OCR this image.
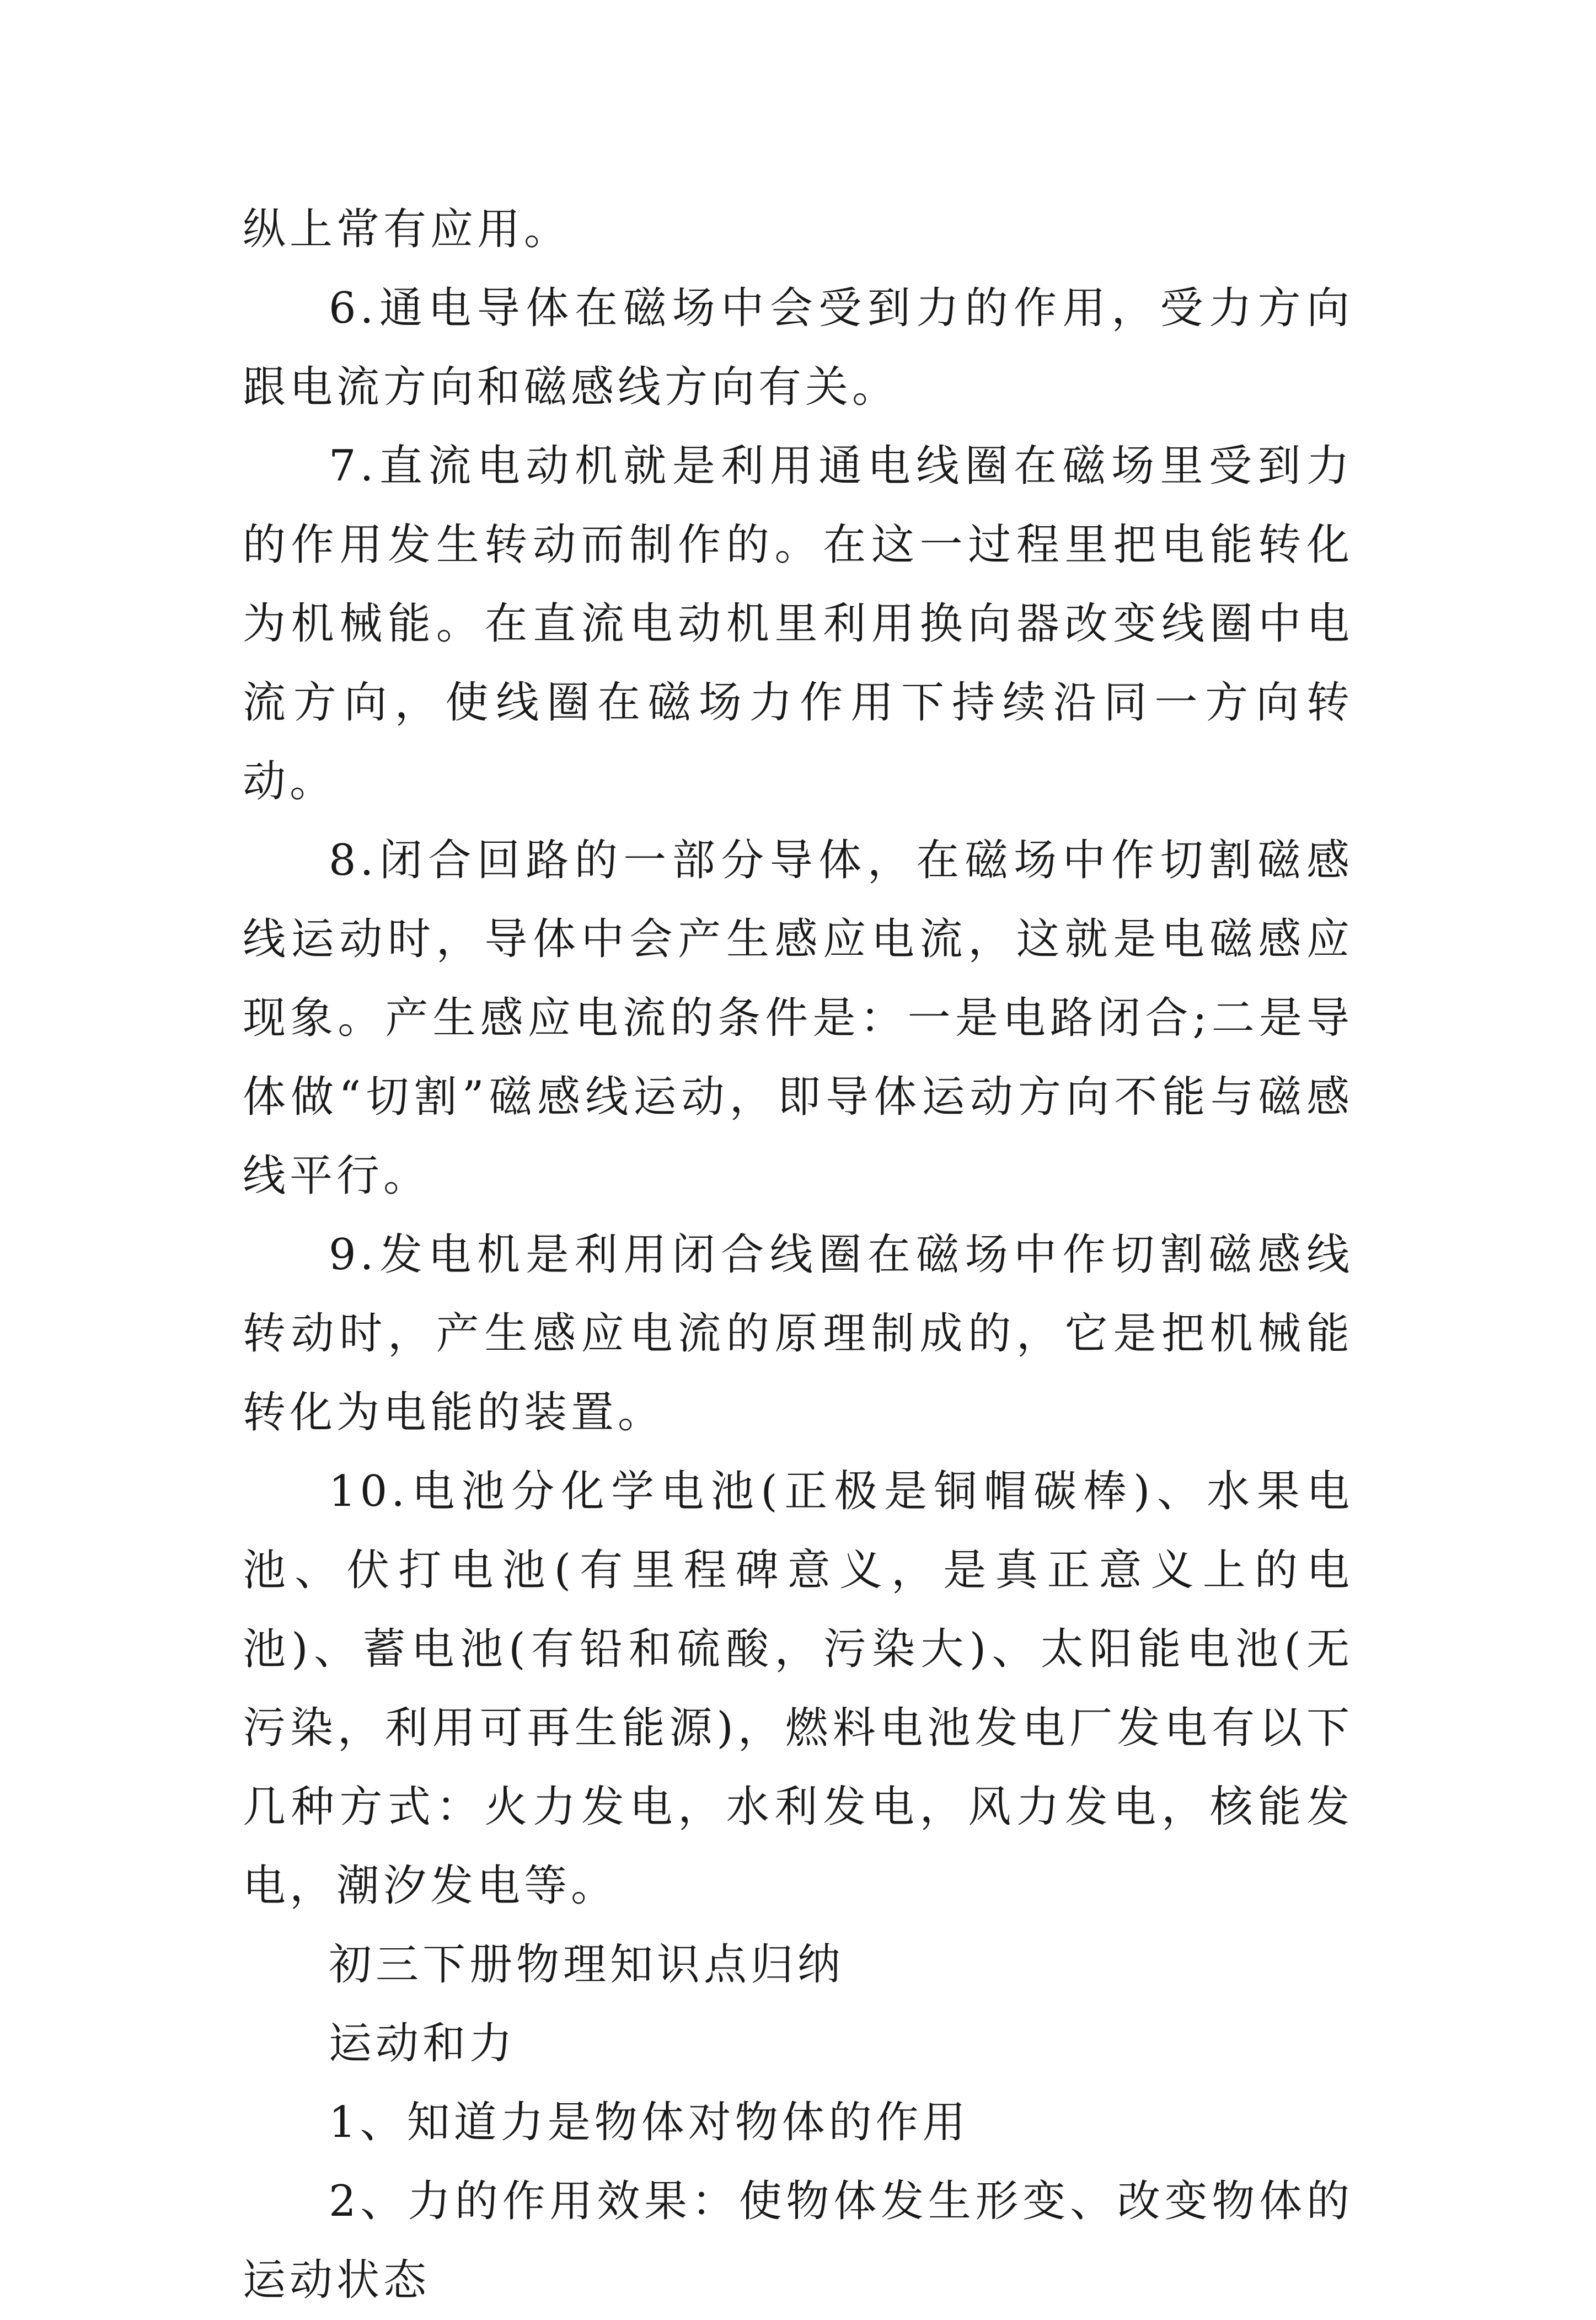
纵上常有应用。

6.通电导体在磁场中会受到力的作用，受力方向跟电流方向和磁感线方向有关。

7.直流电动机就是利用通电线圈在磁场里受到力的作用发生转动而制作的。在这一过程里把电能转化为机械能。在直流电动机里利用换向器改变线圈中电流方向，使线圈在磁场力作用下持续沿同一方向转动。

8.闭合回路的一部分导体，在磁场中作切割磁感线运动时，导体中会产生感应电流，这就是电磁感应现象。产生感应电流的条件是：一是电路闭合;二是导体做“切割”磁感线运动，即导体运动方向不能与磁感线平行。

9.发电机是利用闭合线圈在磁场中作切割磁感线转动时，产生感应电流的原理制成的，它是把机械能转化为电能的装置。

10.电池分化学电池(正极是铜帽碳棒)、水果电池、伏打电池(有里程碑意义，是真正意义上的电池)、蓄电池(有铅和硫酸，污染大)、太阳能电池(无污染，利用可再生能源)，燃料电池发电厂发电有以下几种方式：火力发电，水利发电，风力发电，核能发电，潮汐发电等。

初三下册物理知识点归纳

运动和力

1、知道力是物体对物体的作用

2、力的作用效果：使物体发生形变、改变物体的运动状态
